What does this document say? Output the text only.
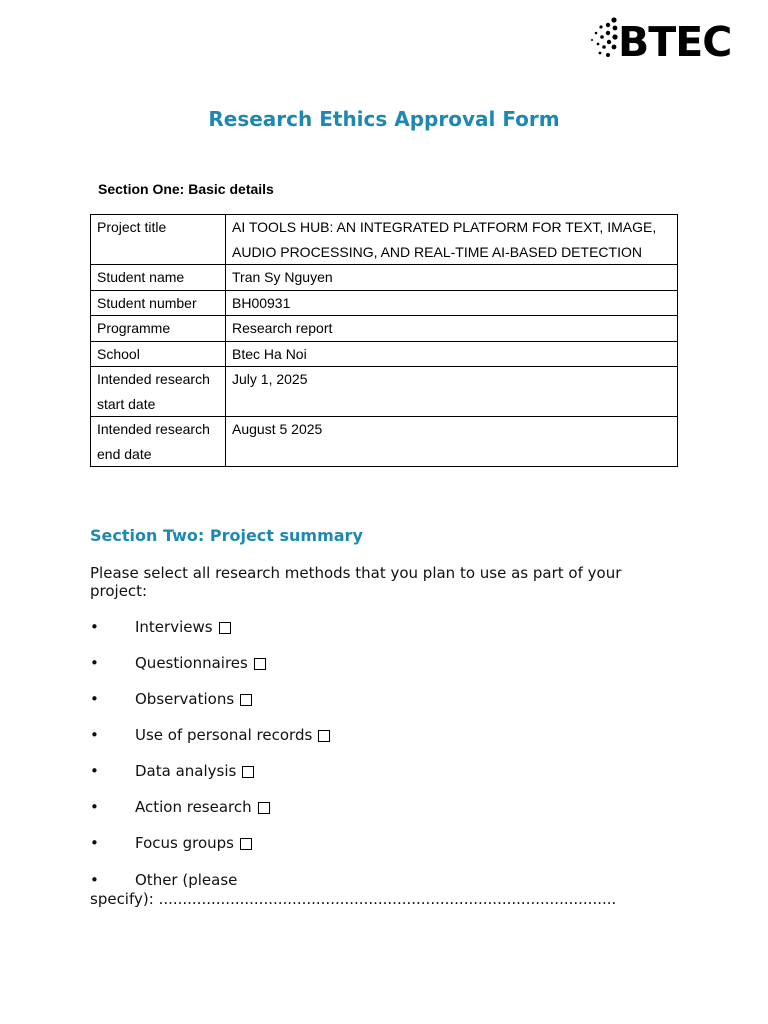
BTEC
Research Ethics Approval Form
Section One: Basic details
Project title	AI TOOLS HUB: AN INTEGRATED PLATFORM FOR TEXT, IMAGE, AUDIO PROCESSING, AND REAL-TIME AI-BASED DETECTION
Student name	Tran Sy Nguyen
Student number	BH00931
Programme	Research report
School	Btec Ha Noi
Intended research start date	July 1, 2025
Intended research end date	August 5 2025
Section Two: Project summary
Please select all research methods that you plan to use as part of your project:
• Interviews
• Questionnaires
• Observations
• Use of personal records
• Data analysis
• Action research
• Focus groups
• Other (please
specify): ................................................................................................
